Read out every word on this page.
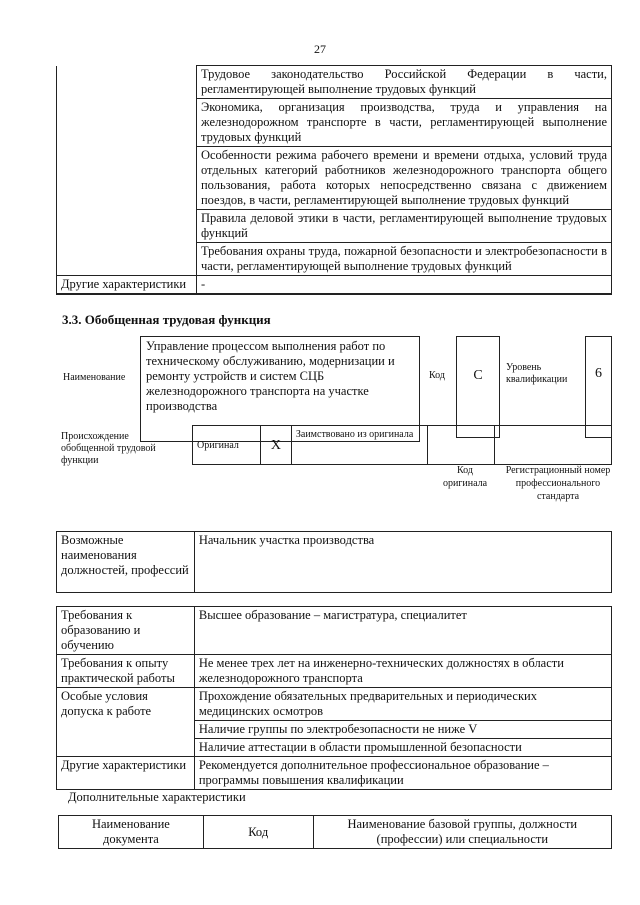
27
	Трудовое законодательство Российской Федерации в части, регламентирующей выполнение трудовых функций
	Экономика, организация производства, труда и управления на железнодорожном транспорте в части, регламентирующей выполнение трудовых функций
	Особенности режима рабочего времени и времени отдыха, условий труда отдельных категорий работников железнодорожного транспорта общего пользования, работа которых непосредственно связана с движением поездов, в части, регламентирующей выполнение трудовых функций
	Правила деловой этики в части, регламентирующей выполнение трудовых функций
	Требования охраны труда, пожарной безопасности и электробезопасности в части, регламентирующей выполнение трудовых функций
Другие характеристики	-
3.3. Обобщенная трудовая функция
Наименование
Управление процессом выполнения работ по техническому обслуживанию, модернизации и ремонту устройств и систем СЦБ железнодорожного транспорта на участке производства
Код	C
Уровень квалификации	6
Происхождение обобщенной трудовой функции
Оригинал	X	Заимствовано из оригинала		
Код оригинала
Регистрационный номер профессионального стандарта
Возможные наименования должностей, профессий	Начальник участка производства
Требования к образованию и обучению	Высшее образование – магистратура, специалитет
Требования к опыту практической работы	Не менее трех лет на инженерно-технических должностях в области железнодорожного транспорта
Особые условия допуска к работе	Прохождение обязательных предварительных и периодических медицинских осмотров
	Наличие группы по электробезопасности не ниже V
	Наличие аттестации в области промышленной безопасности
Другие характеристики	Рекомендуется дополнительное профессиональное образование – программы повышения квалификации
Дополнительные характеристики
Наименование документа	Код	Наименование базовой группы, должности (профессии) или специальности
